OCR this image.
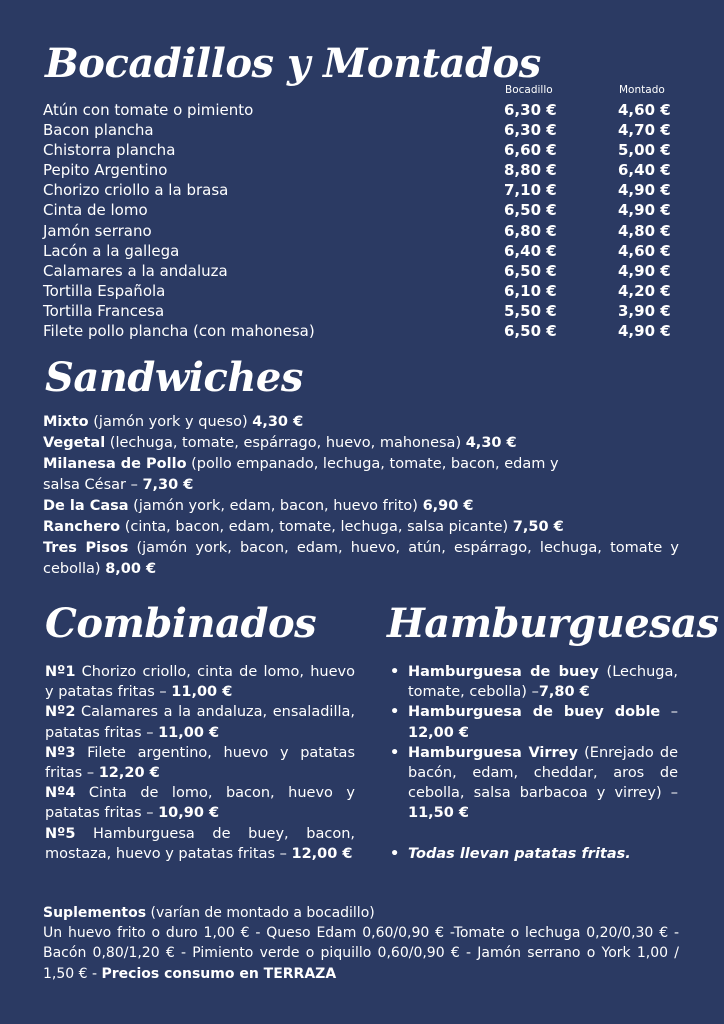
Bocadillos y Montados
Bocadillo	Montado
Atún con tomate o pimiento	6,30 €	4,60 €
Bacon plancha	6,30 €	4,70 €
Chistorra plancha	6,60 €	5,00 €
Pepito Argentino	8,80 €	6,40 €
Chorizo criollo a la brasa	7,10 €	4,90 €
Cinta de lomo	6,50 €	4,90 €
Jamón serrano	6,80 €	4,80 €
Lacón a la gallega	6,40 €	4,60 €
Calamares a la andaluza	6,50 €	4,90 €
Tortilla Española	6,10 €	4,20 €
Tortilla Francesa	5,50 €	3,90 €
Filete pollo plancha (con mahonesa)	6,50 €	4,90 €
Sandwiches

Mixto (jamón york y queso) 4,30 €

Vegetal (lechuga, tomate, espárrago, huevo, mahonesa) 4,30 €

Milanesa de Pollo (pollo empanado, lechuga, tomate, bacon, edam y salsa César – 7,30 €

De la Casa (jamón york, edam, bacon, huevo frito) 6,90 €

Ranchero (cinta, bacon, edam, tomate, lechuga, salsa picante) 7,50 €

Tres Pisos (jamón york, bacon, edam, huevo, atún, espárrago, lechuga, tomate y cebolla) 8,00 €

Combinados Hamburguesas

Nº1 Chorizo criollo, cinta de lomo, huevo y patatas fritas – 11,00 €

Nº2 Calamares a la andaluza, ensaladilla, patatas fritas – 11,00 €

Nº3 Filete argentino, huevo y patatas fritas – 12,20 €

Nº4 Cinta de lomo, bacon, huevo y patatas fritas – 10,90 €

Nº5 Hamburguesa de buey, bacon, mostaza, huevo y patatas fritas – 12,00 €

• Hamburguesa de buey (Lechuga, tomate, cebolla) –7,80 €
• Hamburguesa de buey doble – 12,00 €
• Hamburguesa Virrey (Enrejado de bacón, edam, cheddar, aros de cebolla, salsa barbacoa y virrey) –11,50 €
• Todas llevan patatas fritas.

Suplementos (varían de montado a bocadillo)

Un huevo frito o duro 1,00 € - Queso Edam 0,60/0,90 € -Tomate o lechuga 0,20/0,30 € - Bacón 0,80/1,20 € - Pimiento verde o piquillo 0,60/0,90 € - Jamón serrano o York 1,00 / 1,50 € - Precios consumo en TERRAZA
